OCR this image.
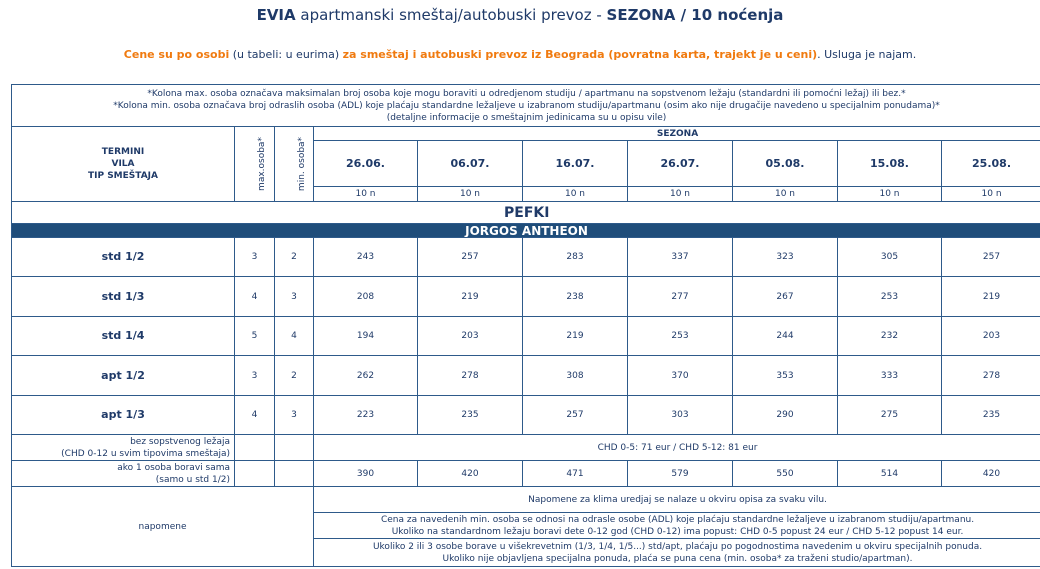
EVIA apartmanski smeštaj/autobuski prevoz - SEZONA / 10 noćenja
Cene su po osobi (u tabeli: u eurima) za smeštaj i autobuski prevoz iz Beograda (povratna karta, trajekt je u ceni). Usluga je najam.
*Kolona max. osoba označava maksimalan broj osoba koje mogu boraviti u odredjenom studiju / apartmanu na sopstvenom ležaju (standardni ili pomoćni ležaj) ili bez.*
*Kolona min. osoba označava broj odraslih osoba (ADL) koje plaćaju standardne ležaljeve u izabranom studiju/apartmanu (osim ako nije drugačije navedeno u specijalnim ponudama)*
(detaljne informacije o smeštajnim jedinicama su u opisu vile)									

TERMINI
VILA
TIP SMEŠTAJA	max.osoba*	min. osoba*	SEZONA						
			26.06.	06.07.	16.07.	26.07.	05.08.	15.08.	25.08.
			10 n	10 n	10 n	10 n	10 n	10 n	10 n
PEFKI									
JORGOS ANTHEON									
std 1/2	3	2	243	257	283	337	323	305	257
std 1/3	4	3	208	219	238	277	267	253	219
std 1/4	5	4	194	203	219	253	244	232	203
apt 1/2	3	2	262	278	308	370	353	333	278
apt 1/3	4	3	223	235	257	303	290	275	235

bez sopstvenog ležaja
(CHD 0-12 u svim tipovima smeštaja)			CHD 0-5: 71 eur / CHD 5-12: 81 eur						

ako 1 osoba boravi sama
(samo u std 1/2)			390	420	471	579	550	514	420
napomene			Napomene za klima uredjaj se nalaze u okviru opisa za svaku vilu.						

			Cena za navedenih min. osoba se odnosi na odrasle osobe (ADL) koje plaćaju standardne ležaljeve u izabranom studiju/apartmanu.
Ukoliko na standardnom ležaju boravi dete 0-12 god (CHD 0-12) ima popust: CHD 0-5 popust 24 eur / CHD 5-12 popust 14 eur.						

			Ukoliko 2 ili 3 osobe borave u višekrevetnim (1/3, 1/4, 1/5...) std/apt, plaćaju po pogodnostima navedenim u okviru specijalnih ponuda.
Ukoliko nije objavljena specijalna ponuda, plaća se puna cena (min. osoba* za traženi studio/apartman).						
